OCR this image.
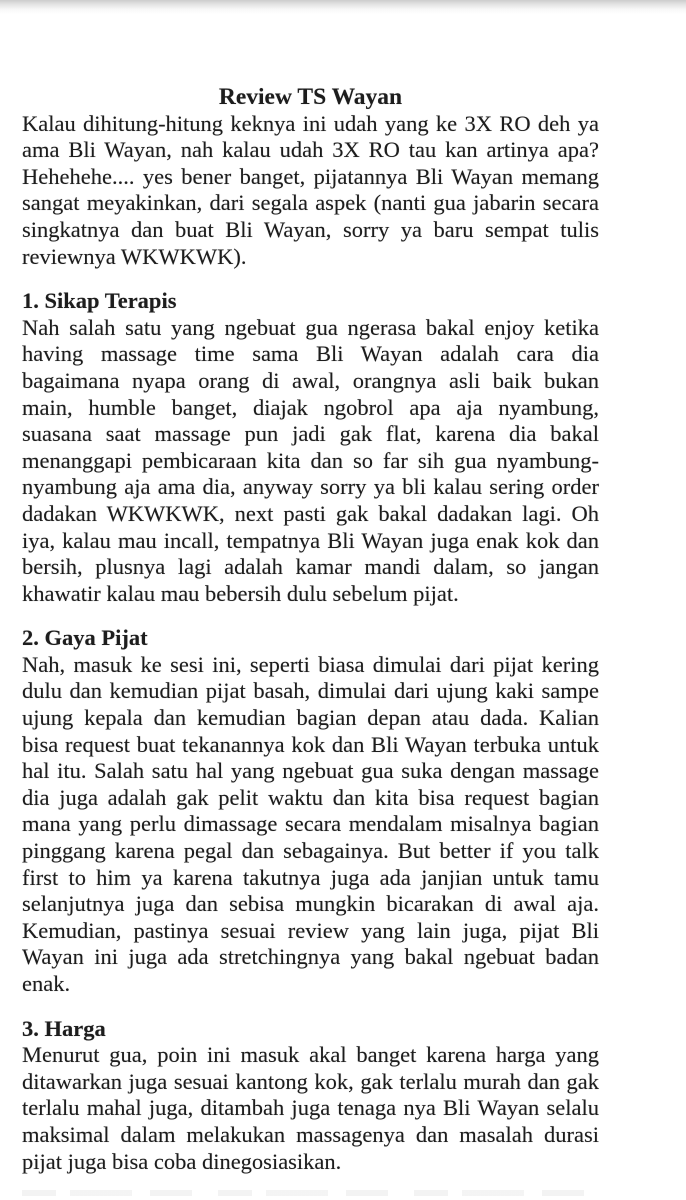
Review TS Wayan

Kalau dihitung-hitung keknya ini udah yang ke 3X RO deh ya ama Bli Wayan, nah kalau udah 3X RO tau kan artinya apa? Hehehehe.... yes bener banget, pijatannya Bli Wayan memang sangat meyakinkan, dari segala aspek (nanti gua jabarin secara singkatnya dan buat Bli Wayan, sorry ya baru sempat tulis reviewnya WKWKWK).

1. Sikap Terapis

Nah salah satu yang ngebuat gua ngerasa bakal enjoy ketika having massage time sama Bli Wayan adalah cara dia bagaimana nyapa orang di awal, orangnya asli baik bukan main, humble banget, diajak ngobrol apa aja nyambung, suasana saat massage pun jadi gak flat, karena dia bakal menanggapi pembicaraan kita dan so far sih gua nyambung-nyambung aja ama dia, anyway sorry ya bli kalau sering order dadakan WKWKWK, next pasti gak bakal dadakan lagi. Oh iya, kalau mau incall, tempatnya Bli Wayan juga enak kok dan bersih, plusnya lagi adalah kamar mandi dalam, so jangan khawatir kalau mau bebersih dulu sebelum pijat.

2. Gaya Pijat

Nah, masuk ke sesi ini, seperti biasa dimulai dari pijat kering dulu dan kemudian pijat basah, dimulai dari ujung kaki sampe ujung kepala dan kemudian bagian depan atau dada. Kalian bisa request buat tekanannya kok dan Bli Wayan terbuka untuk hal itu. Salah satu hal yang ngebuat gua suka dengan massage dia juga adalah gak pelit waktu dan kita bisa request bagian mana yang perlu dimassage secara mendalam misalnya bagian pinggang karena pegal dan sebagainya. But better if you talk first to him ya karena takutnya juga ada janjian untuk tamu selanjutnya juga dan sebisa mungkin bicarakan di awal aja. Kemudian, pastinya sesuai review yang lain juga, pijat Bli Wayan ini juga ada stretchingnya yang bakal ngebuat badan enak.

3. Harga

Menurut gua, poin ini masuk akal banget karena harga yang ditawarkan juga sesuai kantong kok, gak terlalu murah dan gak terlalu mahal juga, ditambah juga tenaga nya Bli Wayan selalu maksimal dalam melakukan massagenya dan masalah durasi pijat juga bisa coba dinegosiasikan.
